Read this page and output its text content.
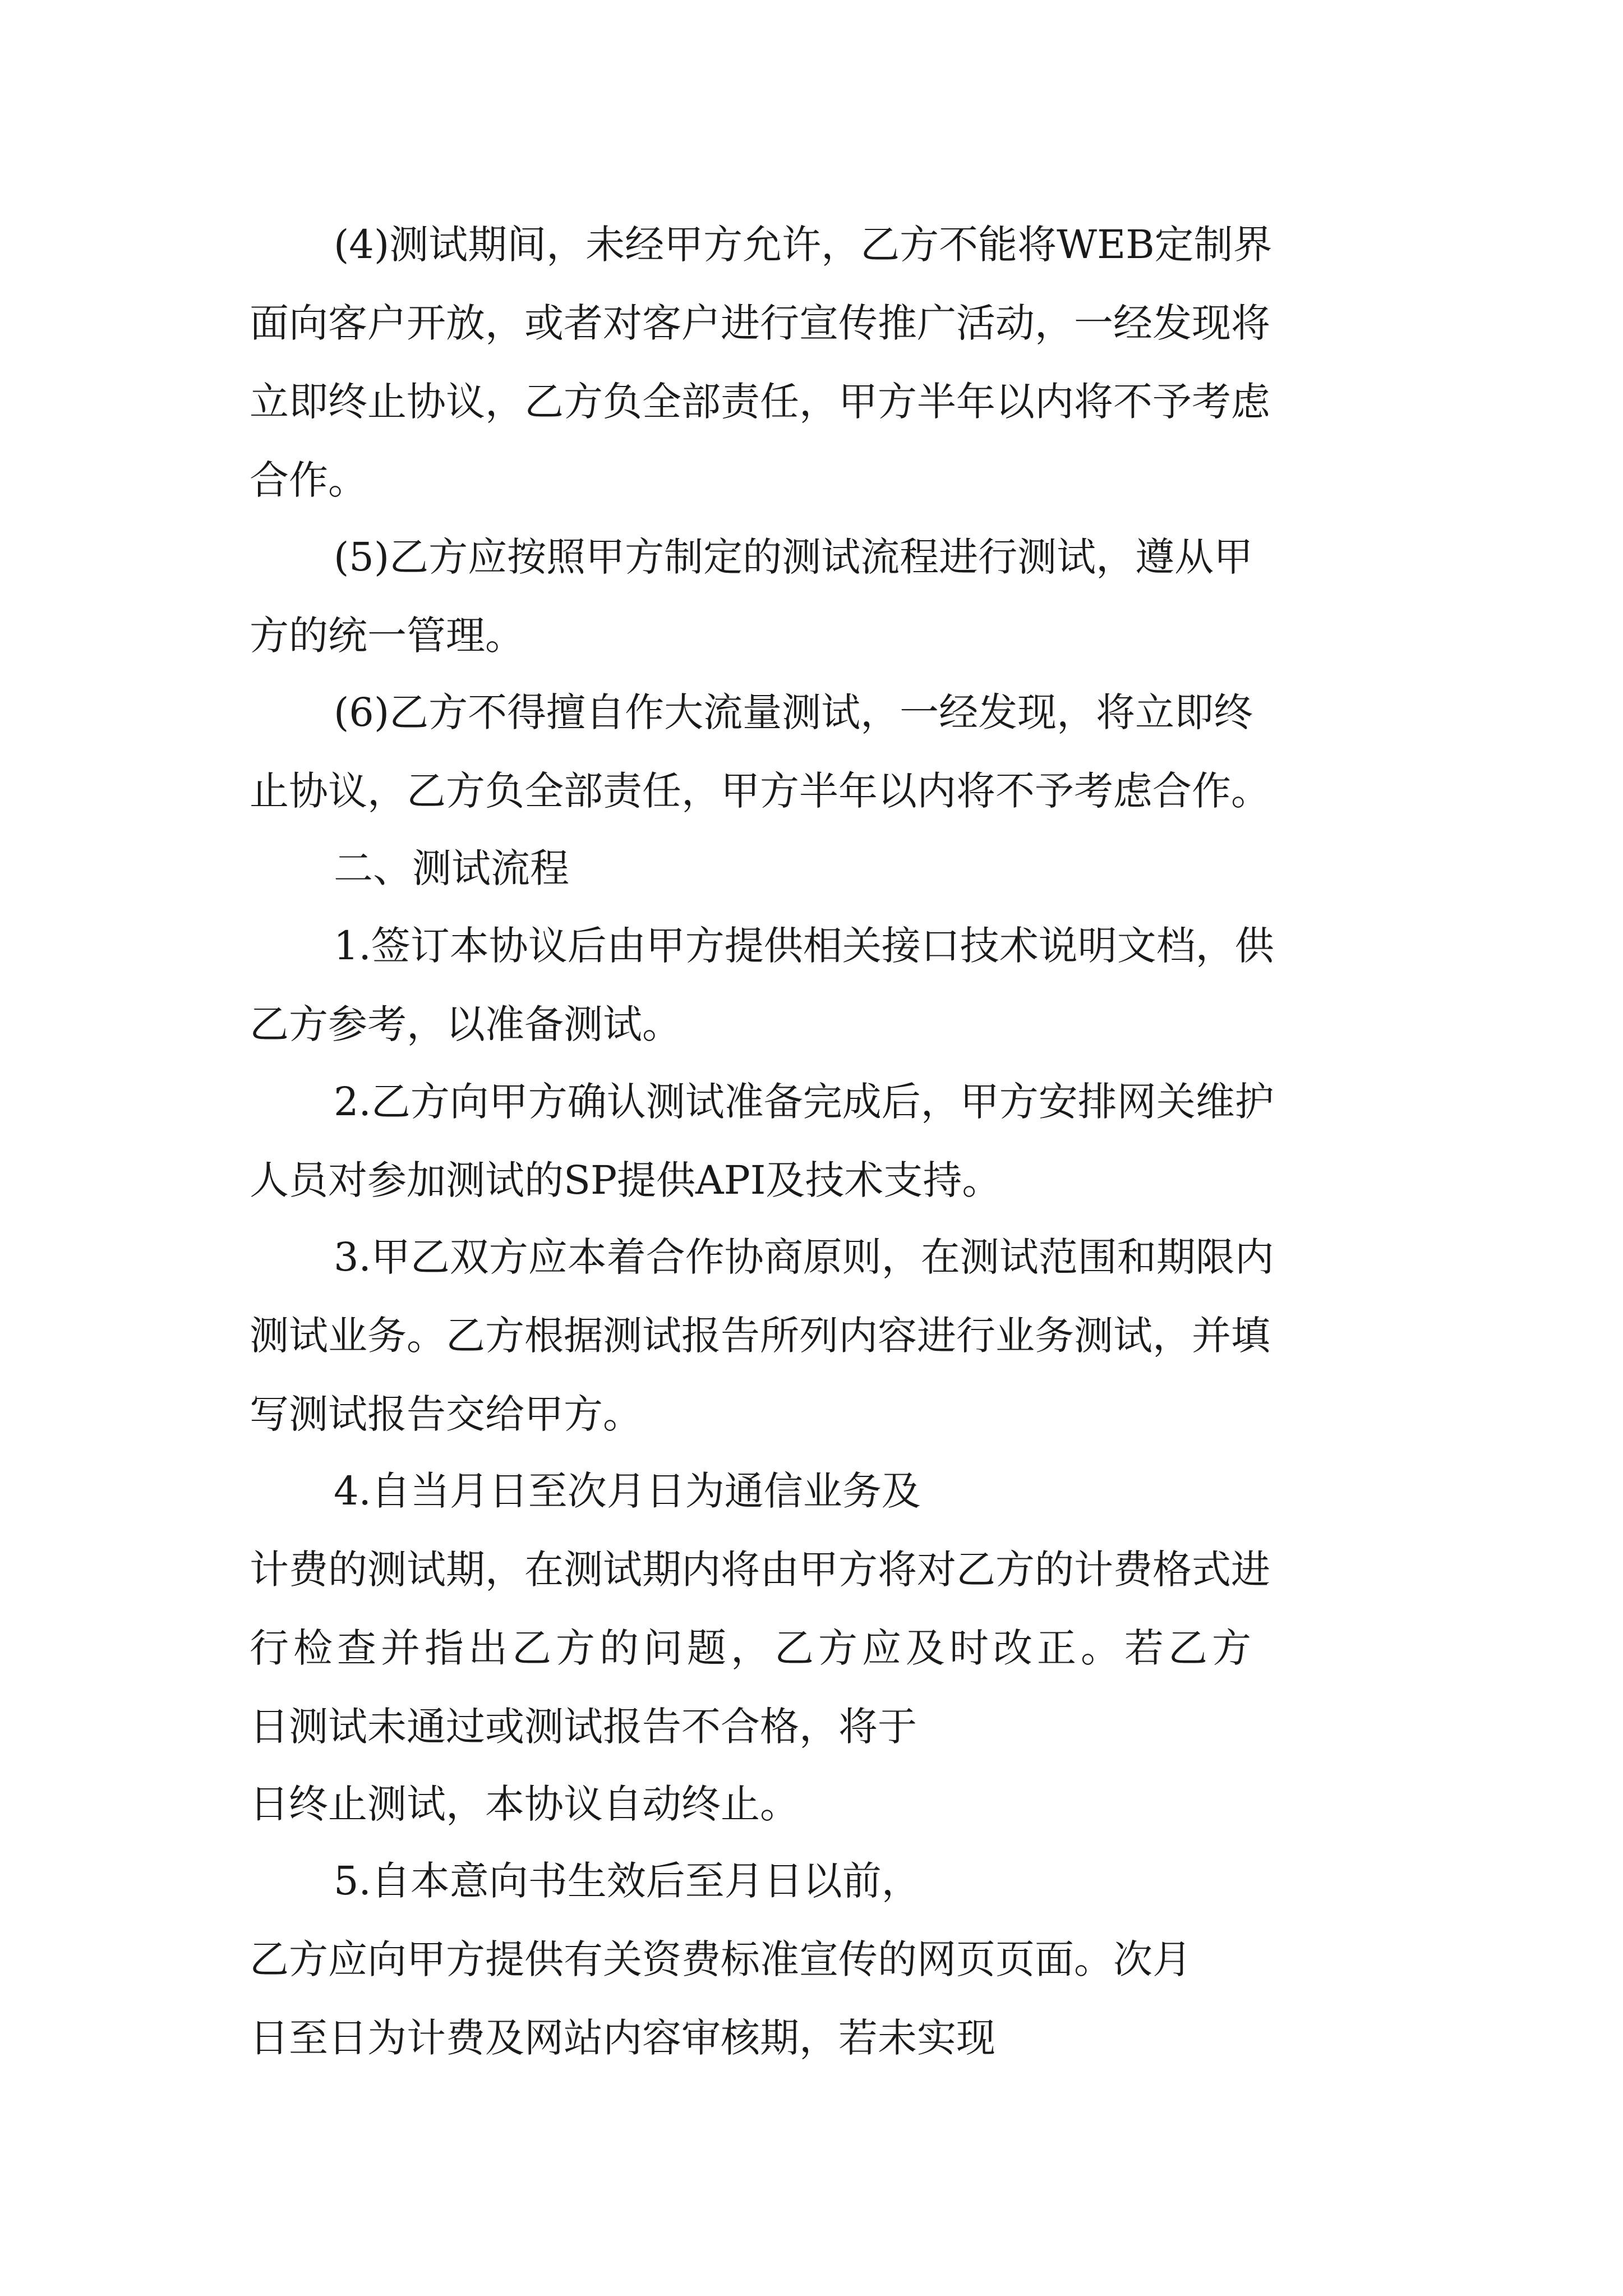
(4)测试期间，未经甲方允许，乙方不能将WEB定制界
面向客户开放，或者对客户进行宣传推广活动，一经发现将
立即终止协议，乙方负全部责任，甲方半年以内将不予考虑
合作。
(5)乙方应按照甲方制定的测试流程进行测试，遵从甲
方的统一管理。
(6)乙方不得擅自作大流量测试，一经发现，将立即终
止协议，乙方负全部责任，甲方半年以内将不予考虑合作。
二、测试流程
1.签订本协议后由甲方提供相关接口技术说明文档，供
乙方参考，以准备测试。
2.乙方向甲方确认测试准备完成后，甲方安排网关维护
人员对参加测试的SP提供API及技术支持。
3.甲乙双方应本着合作协商原则，在测试范围和期限内
测试业务。乙方根据测试报告所列内容进行业务测试，并填
写测试报告交给甲方。
4.自当月日至次月日为通信业务及
计费的测试期，在测试期内将由甲方将对乙方的计费格式进
行检查并指出乙方的问题，乙方应及时改正。若乙方
日测试未通过或测试报告不合格，将于
日终止测试，本协议自动终止。
5.自本意向书生效后至月日以前，
乙方应向甲方提供有关资费标准宣传的网页页面。次月
日至日为计费及网站内容审核期，若未实现
